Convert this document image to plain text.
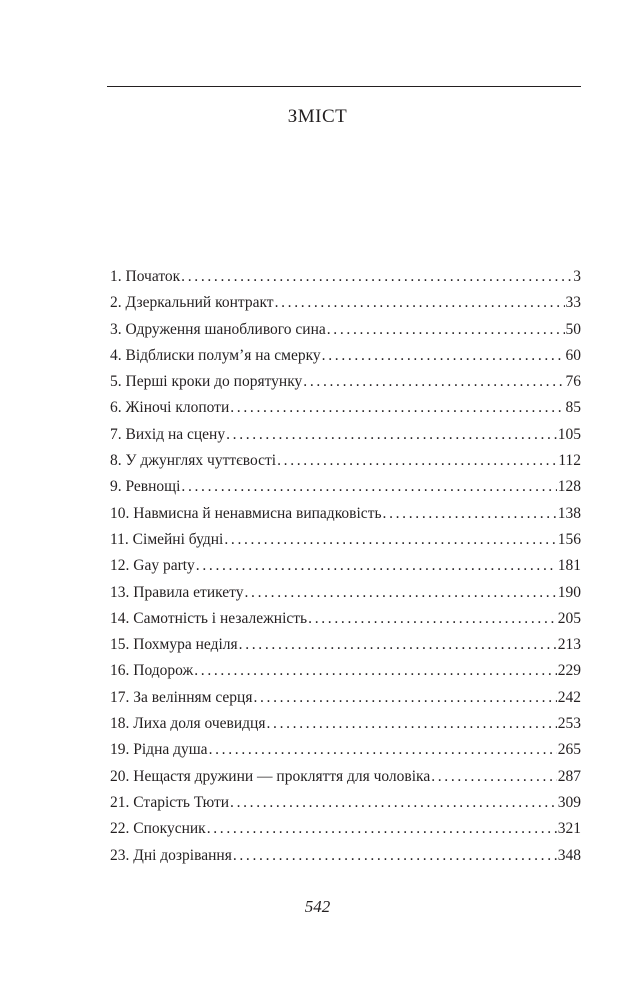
ЗМІСТ
1. Початок . . .	3
2. Дзеркальний контракт . . .	33
3. Одруження шанобливого сина . . .	50
4. Відблиски полум’я на смерку . . .	60
5. Перші кроки до порятунку . . .	76
6. Жіночі клопоти . . .	85
7. Вихід на сцену . . .	105
8. У джунглях чуттєвості . . .	112
9. Ревнощі . . .	128
10. Навмисна й ненавмисна випадковість . . .	138
11. Сімейні будні . . .	156
12. Gay party . . .	181
13. Правила етикету . . .	190
14. Самотність і незалежність . . .	205
15. Похмура неділя . . .	213
16. Подорож . . .	229
17. За велінням серця . . .	242
18. Лиха доля очевидця . . .	253
19. Рідна душа . . .	265
20. Нещастя дружини — прокляття для чоловіка . . .	287
21. Старість Тюти . . .	309
22. Спокусник . . .	321
23. Дні дозрівання . . .	348
542
